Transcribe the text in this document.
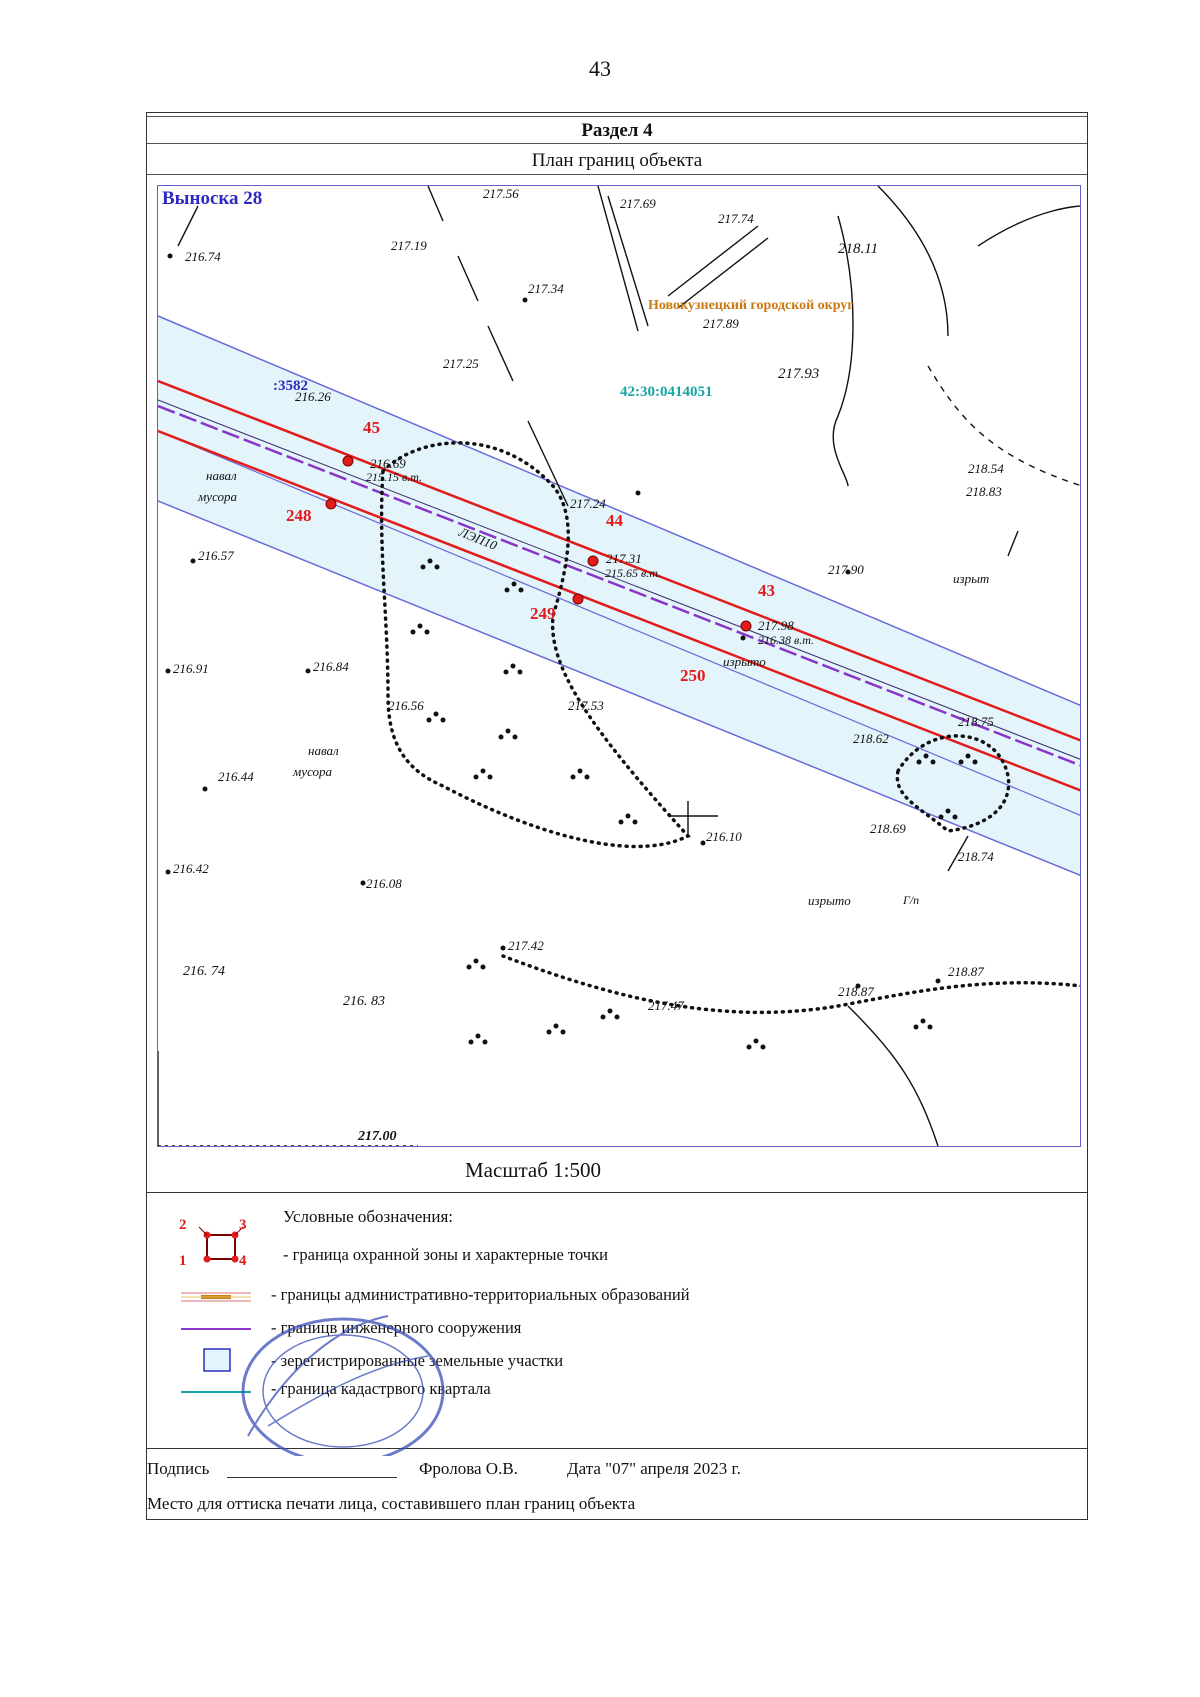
43
Раздел 4
План границ объекта
Выноска 28
Новокузнецкий городской округ
42:30:0414051
:3582
ЛЭП10
45
248	44
249
43
250
навал
мусора
навал
мусора
изрыт
изрыто
изрыто	Г/п
217.56
217.69
217.74
217.19	218.11
216.74
217.34
217.89
217.25
217.93
216.26
216.69
215.15 в.т.
217.24
217.31
215.65 в.т.	217.90
216.57
217.98
216.38 в.т.
216.91	216.84
216.56	217.53
218.75
218.62
216.44
218.69
216.10
218.74
216.42
216.08
217.42
218.87
216. 74
217.47
218.87
216. 83
217.00
218.54
218.83
Масштаб 1:500
2	3
1	4
Условные обозначения:
- граница охранной зоны и характерные точки
- границы административно-территориальных образований
- границв инженерного сооружения
- зерегистрированные земельные участки
- граница кадастрвого квартала
Подпись	Фролова О.В.	Дата "07" апреля 2023 г.
Место для оттиска печати лица, составившего план границ объекта
